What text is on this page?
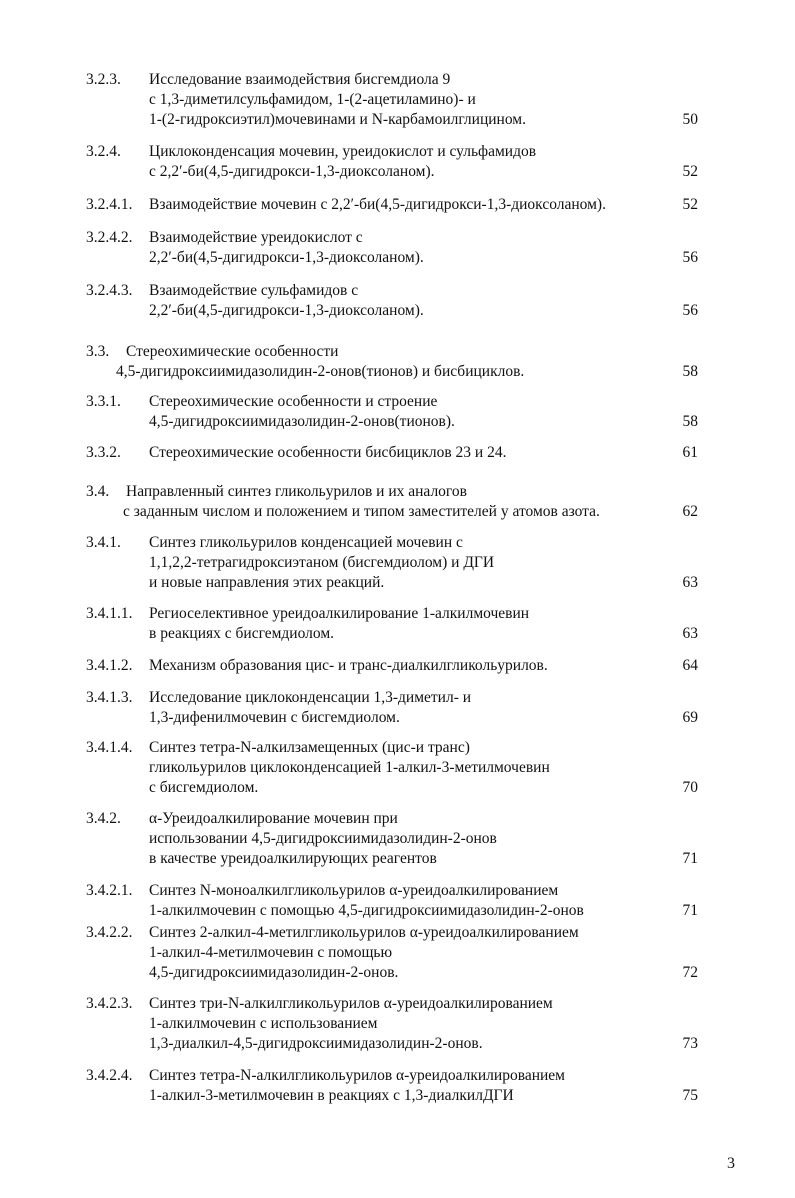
3.2.3. Исследование взаимодействия бисгемдиола 9
с 1,3-диметилсульфамидом, 1-(2-ацетиламино)- и
1-(2-гидроксиэтил)мочевинами и N-карбамоилглицином.	50
3.2.4. Циклоконденсация мочевин, уреидокислот и сульфамидов
с 2,2′-би(4,5-дигидрокси-1,3-диоксоланом).	52
3.2.4.1. Взаимодействие мочевин с 2,2′-би(4,5-дигидрокси-1,3-диоксоланом).	52
3.2.4.2. Взаимодействие уреидокислот с
2,2′-би(4,5-дигидрокси-1,3-диоксоланом).	56
3.2.4.3. Взаимодействие сульфамидов с
2,2′-би(4,5-дигидрокси-1,3-диоксоланом).	56
3.3. Стереохимические особенности
4,5-дигидроксиимидазолидин-2-онов(тионов) и бисбициклов.	58
3.3.1. Стереохимические особенности и строение
4,5-дигидроксиимидазолидин-2-онов(тионов).	58
3.3.2. Стереохимические особенности бисбициклов 23 и 24.	61
3.4. Направленный синтез гликольурилов и их аналогов
с заданным числом и положением и типом заместителей у атомов азота.	62
3.4.1. Синтез гликольурилов конденсацией мочевин с
1,1,2,2-тетрагидроксиэтаном (бисгемдиолом) и ДГИ
и новые направления этих реакций.	63
3.4.1.1. Региоселективное уреидоалкилирование 1-алкилмочевин
в реакциях с бисгемдиолом.	63
3.4.1.2. Механизм образования цис- и транс-диалкилгликольурилов.	64
3.4.1.3. Исследование циклоконденсации 1,3-диметил- и
1,3-дифенилмочевин с бисгемдиолом.	69
3.4.1.4. Синтез тетра-N-алкилзамещенных (цис-и транс)
гликольурилов циклоконденсацией 1-алкил-3-метилмочевин
с бисгемдиолом.	70
3.4.2. α-Уреидоалкилирование мочевин при
использовании 4,5-дигидроксиимидазолидин-2-онов
в качестве уреидоалкилирующих реагентов	71
3.4.2.1. Синтез N-моноалкилгликольурилов α-уреидоалкилированием
1-алкилмочевин с помощью 4,5-дигидроксиимидазолидин-2-онов	71
3.4.2.2. Синтез 2-алкил-4-метилгликольурилов α-уреидоалкилированием
1-алкил-4-метилмочевин с помощью
4,5-дигидроксиимидазолидин-2-онов.	72
3.4.2.3. Синтез три-N-алкилгликольурилов α-уреидоалкилированием
1-алкилмочевин с использованием
1,3-диалкил-4,5-дигидроксиимидазолидин-2-онов.	73
3.4.2.4. Синтез тетра-N-алкилгликольурилов α-уреидоалкилированием
1-алкил-3-метилмочевин в реакциях с 1,3-диалкилДГИ	75
3
